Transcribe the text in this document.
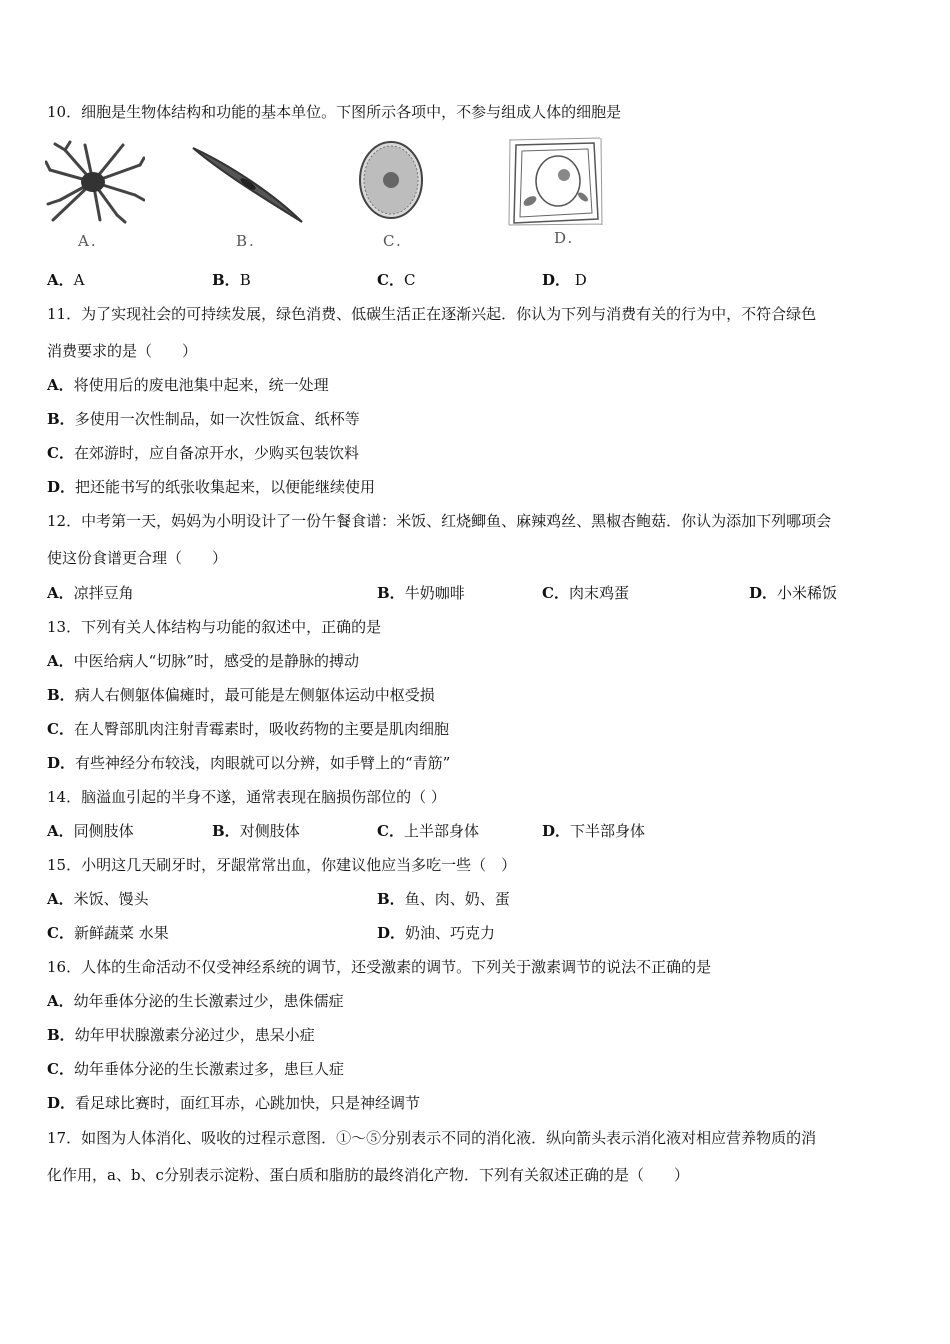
10．细胞是生物体结构和功能的基本单位。下图所示各项中，不参与组成人体的细胞是
A.	B.	C.	D.
A．A	B．B	C．C	D． D
11．为了实现社会的可持续发展，绿色消费、低碳生活正在逐渐兴起．你认为下列与消费有关的行为中，不符合绿色
消费要求的是（　　）
A．将使用后的废电池集中起来，统一处理
B．多使用一次性制品，如一次性饭盒、纸杯等
C．在郊游时，应自备凉开水，少购买包装饮料
D．把还能书写的纸张收集起来，以便能继续使用
12．中考第一天，妈妈为小明设计了一份午餐食谱：米饭、红烧鲫鱼、麻辣鸡丝、黑椒杏鲍菇．你认为添加下列哪项会
使这份食谱更合理（　　）
A．凉拌豆角	B．牛奶咖啡	C．肉末鸡蛋	D．小米稀饭
13．下列有关人体结构与功能的叙述中，正确的是
A．中医给病人“切脉”时，感受的是静脉的搏动
B．病人右侧躯体偏瘫时，最可能是左侧躯体运动中枢受损
C．在人臀部肌肉注射青霉素时，吸收药物的主要是肌肉细胞
D．有些神经分布较浅，肉眼就可以分辨，如手臂上的“青筋”
14．脑溢血引起的半身不遂，通常表现在脑损伤部位的（ ）
A．同侧肢体	B．对侧肢体	C．上半部身体	D．下半部身体
15．小明这几天刷牙时，牙龈常常出血，你建议他应当多吃一些（　）
A．米饭、馒头	B．鱼、肉、奶、蛋
C．新鲜蔬菜 水果	D．奶油、巧克力
16．人体的生命活动不仅受神经系统的调节，还受激素的调节。下列关于激素调节的说法不正确的是
A．幼年垂体分泌的生长激素过少，患侏儒症
B．幼年甲状腺激素分泌过少，患呆小症
C．幼年垂体分泌的生长激素过多，患巨人症
D．看足球比赛时，面红耳赤，心跳加快，只是神经调节
17．如图为人体消化、吸收的过程示意图．①～⑤分别表示不同的消化液．纵向箭头表示消化液对相应营养物质的消
化作用，a、b、c分别表示淀粉、蛋白质和脂肪的最终消化产物．下列有关叙述正确的是（　　）
